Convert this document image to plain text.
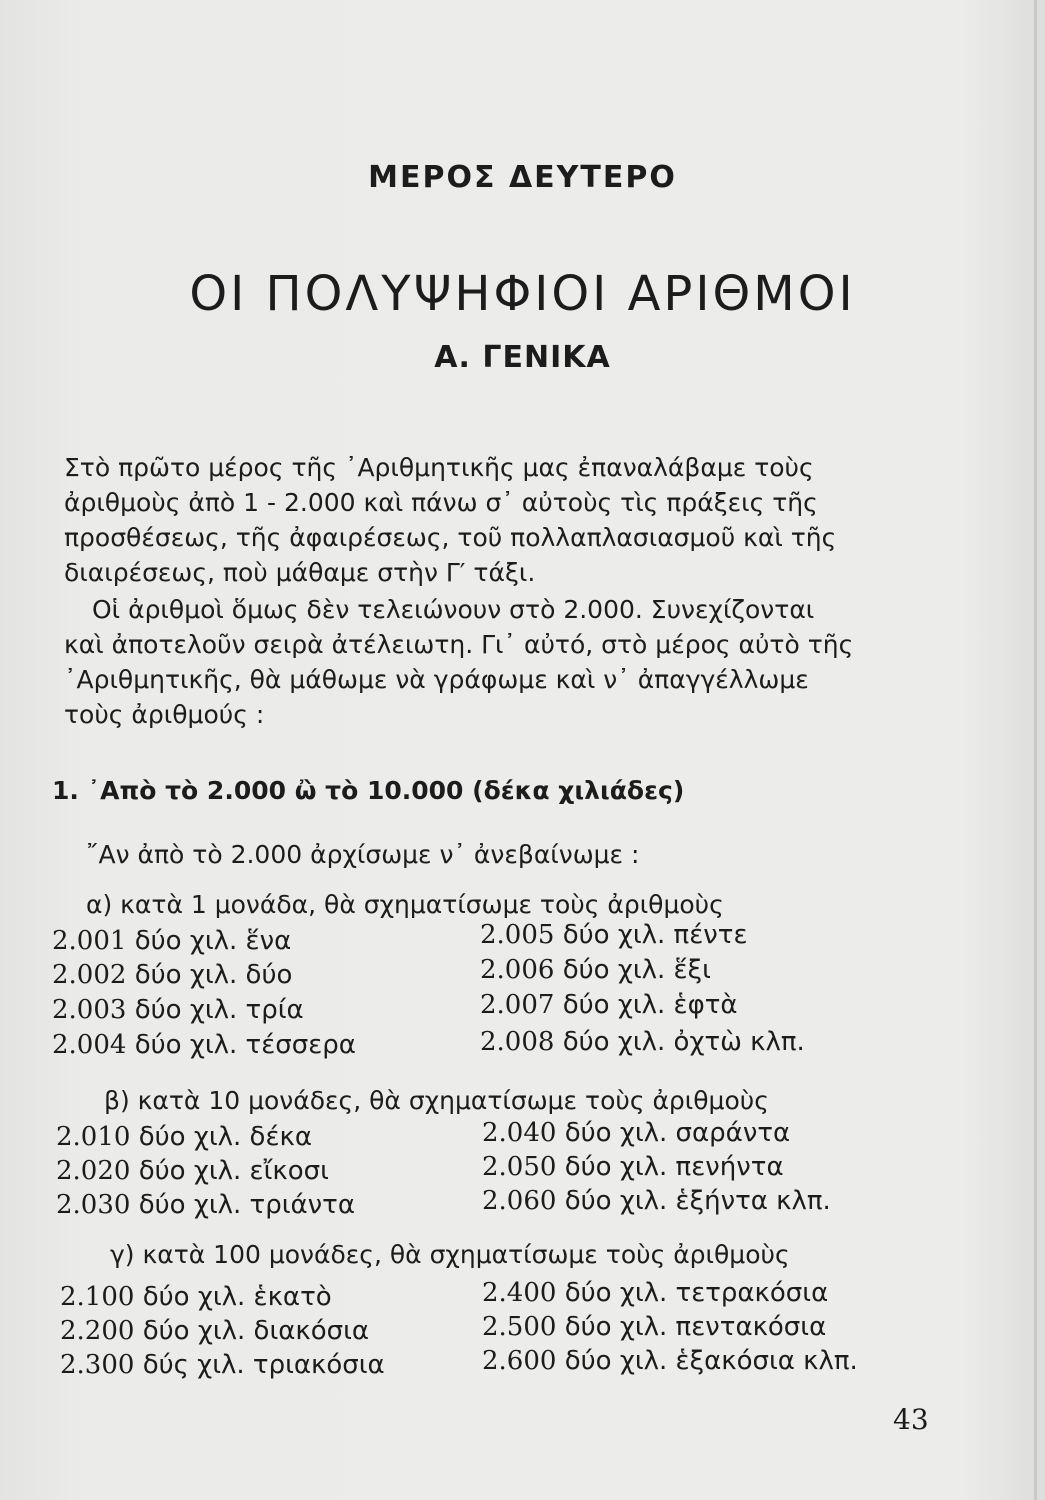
ΜΕΡΟΣ ΔΕΥΤΕΡΟ
ΟΙ ΠΟΛΥΨΗΦΙΟΙ ΑΡΙΘΜΟΙ
Α. ΓΕΝΙΚΑ

Στὸ πρῶτο μέρος τῆς ᾽Αριθμητικῆς μας ἐπαναλάβαμε τοὺς
ἀριθμοὺς ἀπὸ 1 - 2.000 καὶ πάνω σ᾽ αὐτοὺς τὶς πράξεις τῆς
προσθέσεως, τῆς ἀφαιρέσεως, τοῦ πολλαπλασιασμοῦ καὶ τῆς
διαιρέσεως, ποὺ μάθαμε στὴν Γ′ τάξι.

Οἱ ἀριθμοὶ ὅμως δὲν τελειώνουν στὸ 2.000. Συνεχίζονται
καὶ ἀποτελοῦν σειρὰ ἀτέλειωτη. Γι᾽ αὐτό, στὸ μέρος αὐτὸ τῆς
᾽Αριθμητικῆς, θὰ μάθωμε νὰ γράφωμε καὶ ν᾽ ἀπαγγέλλωμε
τοὺς ἀριθμούς :

1. ᾽Απὸ τὸ 2.000 ὢ τὸ 10.000 (δέκα χιλιάδες)
῎Αν ἀπὸ τὸ 2.000 ἀρχίσωμε ν᾽ ἀνεβαίνωμε :
α) κατὰ 1 μονάδα, θὰ σχηματίσωμε τοὺς ἀριθμοὺς
2.001 δύο χιλ. ἕνα
2.002 δύο χιλ. δύο
2.003 δύο χιλ. τρία
2.004 δύο χιλ. τέσσερα
2.005 δύο χιλ. πέντε
2.006 δύο χιλ. ἕξι
2.007 δύο χιλ. ἑφτὰ
2.008 δύο χιλ. ὀχτὼ κλπ.
β) κατὰ 10 μονάδες, θὰ σχηματίσωμε τοὺς ἀριθμοὺς
2.010 δύο χιλ. δέκα
2.020 δύο χιλ. εἴκοσι
2.030 δύο χιλ. τριάντα
2.040 δύο χιλ. σαράντα
2.050 δύο χιλ. πενήντα
2.060 δύο χιλ. ἑξήντα κλπ.
γ) κατὰ 100 μονάδες, θὰ σχηματίσωμε τοὺς ἀριθμοὺς
2.100 δύο χιλ. ἑκατὸ
2.200 δύο χιλ. διακόσια
2.300 δύς χιλ. τριακόσια
2.400 δύο χιλ. τετρακόσια
2.500 δύο χιλ. πεντακόσια
2.600 δύο χιλ. ἑξακόσια κλπ.
43
